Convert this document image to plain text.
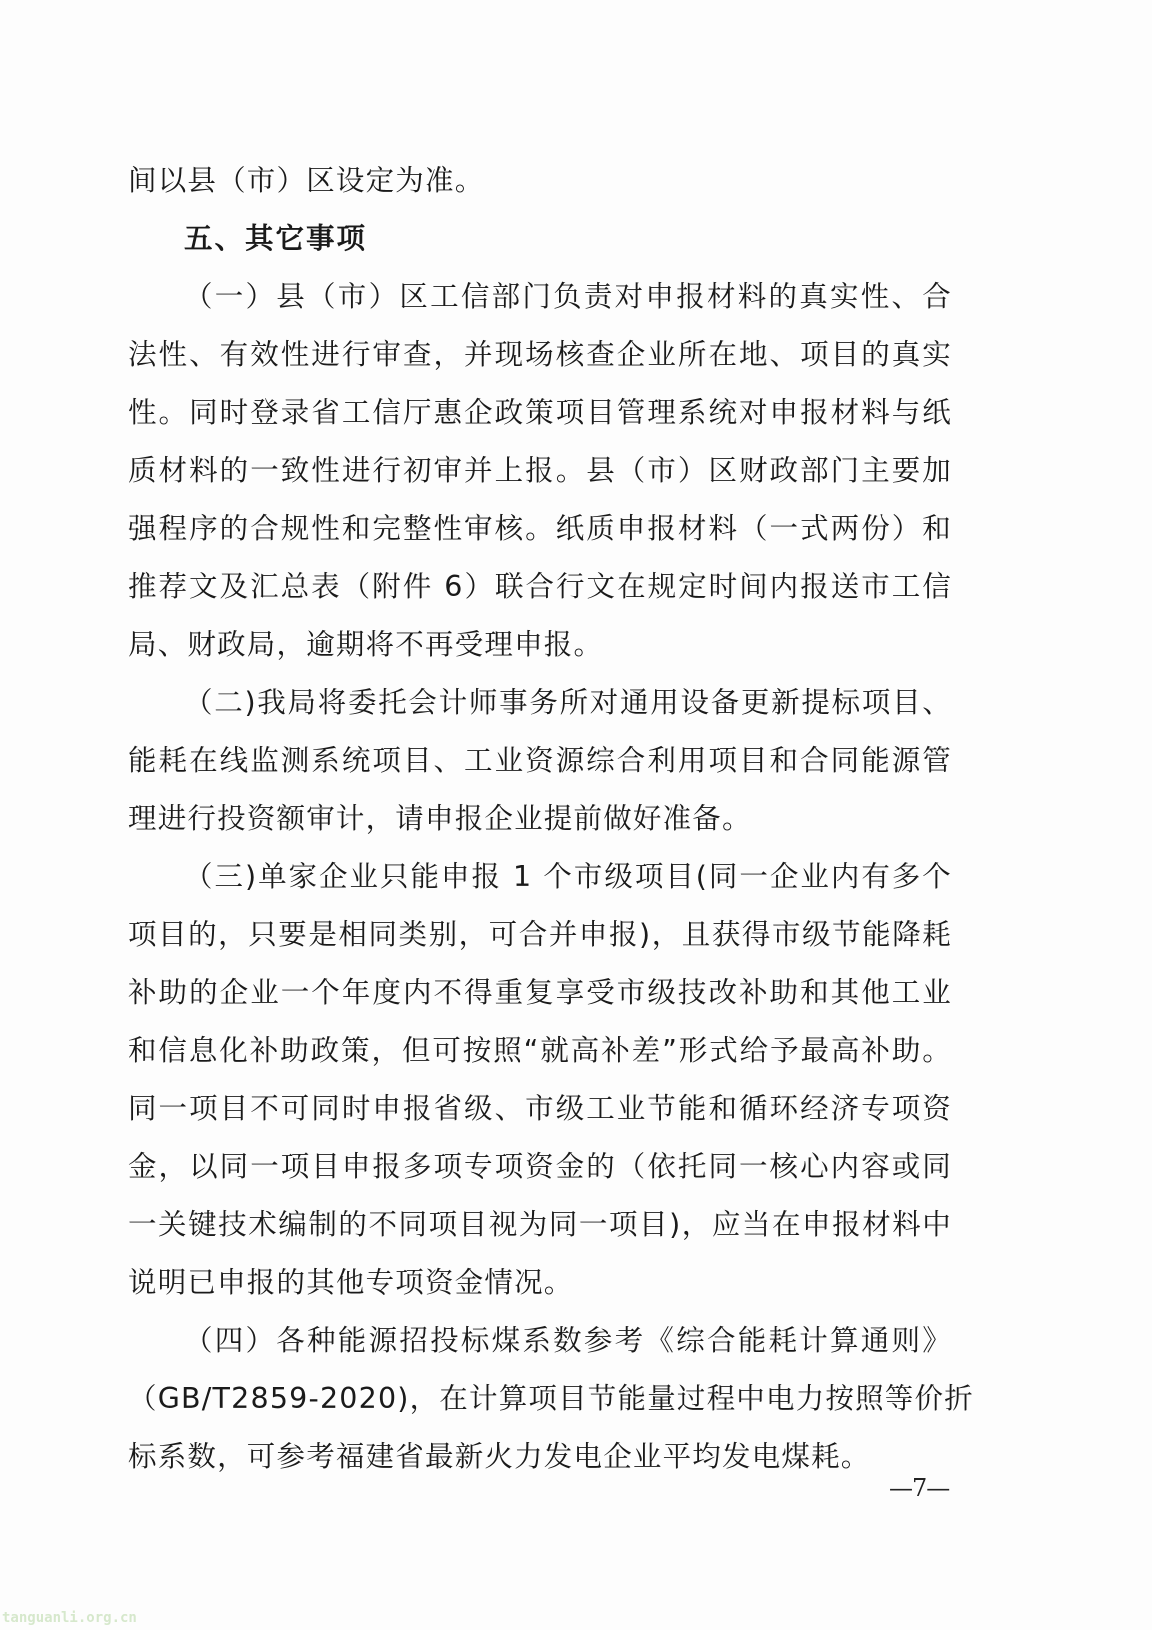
间以县（市）区设定为准。
五、其它事项
（一）县（市）区工信部门负责对申报材料的真实性、合
法性、有效性进行审查，并现场核查企业所在地、项目的真实
性。同时登录省工信厅惠企政策项目管理系统对申报材料与纸
质材料的一致性进行初审并上报。县（市）区财政部门主要加
强程序的合规性和完整性审核。纸质申报材料（一式两份）和
推荐文及汇总表（附件 6）联合行文在规定时间内报送市工信
局、财政局，逾期将不再受理申报。
（二)我局将委托会计师事务所对通用设备更新提标项目、
能耗在线监测系统项目、工业资源综合利用项目和合同能源管
理进行投资额审计，请申报企业提前做好准备。
（三)单家企业只能申报 1 个市级项目(同一企业内有多个
项目的，只要是相同类别，可合并申报)，且获得市级节能降耗
补助的企业一个年度内不得重复享受市级技改补助和其他工业
和信息化补助政策，但可按照“就高补差”形式给予最高补助。
同一项目不可同时申报省级、市级工业节能和循环经济专项资
金，以同一项目申报多项专项资金的（依托同一核心内容或同
一关键技术编制的不同项目视为同一项目)，应当在申报材料中
说明已申报的其他专项资金情况。
（四）各种能源招投标煤系数参考《综合能耗计算通则》
（GB/T2859-2020)，在计算项目节能量过程中电力按照等价折
标系数，可参考福建省最新火力发电企业平均发电煤耗。
—7—
tanguanli.org.cn
